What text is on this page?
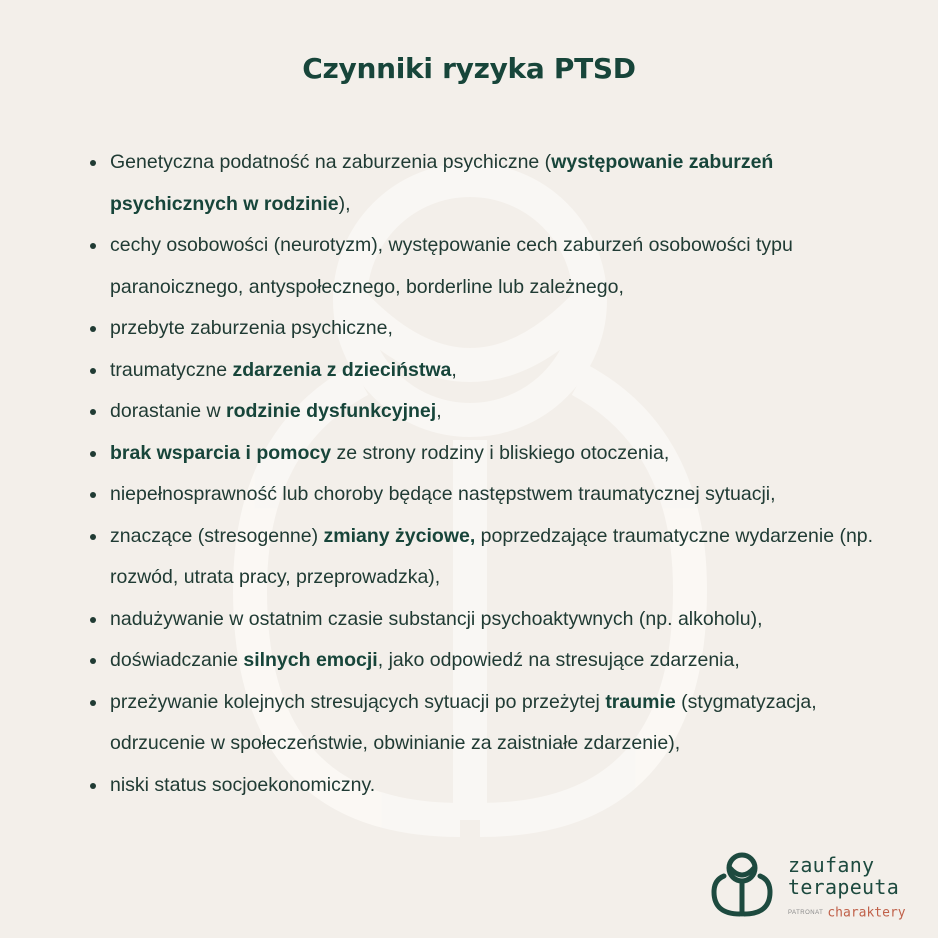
Czynniki ryzyka PTSD
Genetyczna podatność na zaburzenia psychiczne (występowanie zaburzeń psychicznych w rodzinie),
cechy osobowości (neurotyzm), występowanie cech zaburzeń osobowości typu paranoicznego, antyspołecznego, borderline lub zależnego,
przebyte zaburzenia psychiczne,
traumatyczne zdarzenia z dzieciństwa,
dorastanie w rodzinie dysfunkcyjnej,
brak wsparcia i pomocy ze strony rodziny i bliskiego otoczenia,
niepełnosprawność lub choroby będące następstwem traumatycznej sytuacji,
znaczące (stresogenne) zmiany życiowe, poprzedzające traumatyczne wydarzenie (np. rozwód, utrata pracy, przeprowadzka),
nadużywanie w ostatnim czasie substancji psychoaktywnych (np. alkoholu),
doświadczanie silnych emocji, jako odpowiedź na stresujące zdarzenia,
przeżywanie kolejnych stresujących sytuacji po przeżytej traumie (stygmatyzacja, odrzucenie w społeczeństwie, obwinianie za zaistniałe zdarzenie),
niski status socjoekonomiczny.
zaufany
terapeuta
PATRONAT charaktery
